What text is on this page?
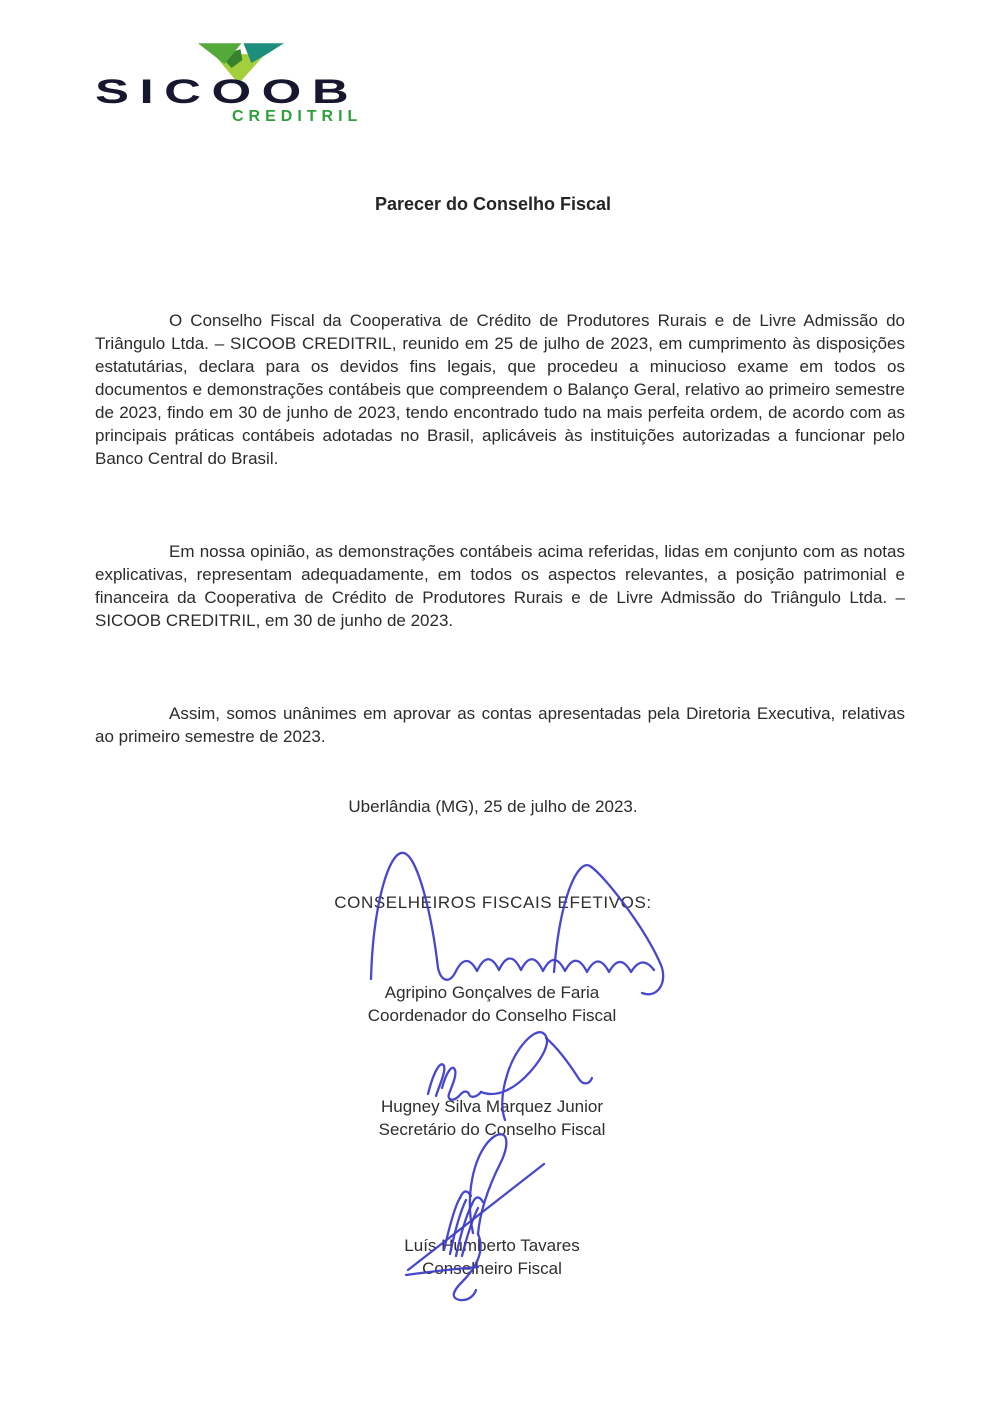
SICOOB
CREDITRIL
Parecer do Conselho Fiscal

O Conselho Fiscal da Cooperativa de Crédito de Produtores Rurais e de Livre Admissão do Triângulo Ltda. – SICOOB CREDITRIL, reunido em 25 de julho de 2023, em cumprimento às disposições estatutárias, declara para os devidos fins legais, que procedeu a minucioso exame em todos os documentos e demonstrações contábeis que compreendem o Balanço Geral, relativo ao primeiro semestre de 2023, findo em 30 de junho de 2023, tendo encontrado tudo na mais perfeita ordem, de acordo com as principais práticas contábeis adotadas no Brasil, aplicáveis às instituições autorizadas a funcionar pelo Banco Central do Brasil.

Em nossa opinião, as demonstrações contábeis acima referidas, lidas em conjunto com as notas explicativas, representam adequadamente, em todos os aspectos relevantes, a posição patrimonial e financeira da Cooperativa de Crédito de Produtores Rurais e de Livre Admissão do Triângulo Ltda. – SICOOB CREDITRIL, em 30 de junho de 2023.

Assim, somos unânimes em aprovar as contas apresentadas pela Diretoria Executiva, relativas ao primeiro semestre de 2023.

Uberlândia (MG), 25 de julho de 2023.
CONSELHEIROS FISCAIS EFETIVOS:
Agripino Gonçalves de Faria
Coordenador do Conselho Fiscal
Hugney Silva Marquez Junior
Secretário do Conselho Fiscal
Luís Humberto Tavares
Conselheiro Fiscal
